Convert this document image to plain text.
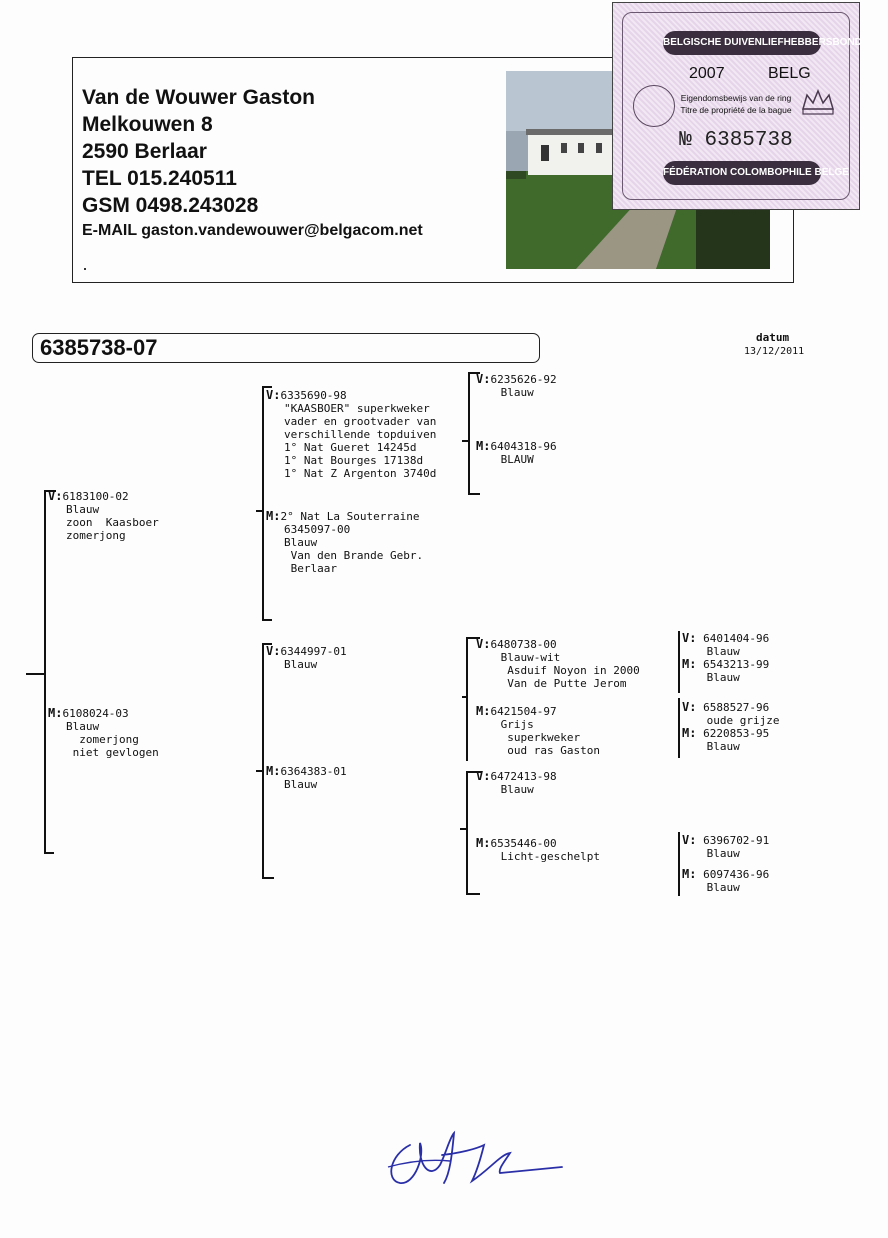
Van de Wouwer Gaston
Melkouwen 8
2590 Berlaar
TEL 015.240511
GSM 0498.243028
E-MAIL gaston.vandewouwer@belgacom.net
BELGISCHE DUIVENLIEFHEBBERSBOND
2007	BELG
Eigendomsbewijs van de ring
Titre de propriété de la bague
№ 6385738
FÉDÉRATION COLOMBOPHILE BELGE
6385738-07	datum
13/12/2011
V:6183100-02
Blauw
zoon  Kaasboer
zomerjong
M:6108024-03
Blauw
zomerjong
niet gevlogen
V:6335690-98
"KAASBOER" superkweker
vader en grootvader van
verschillende topduiven
1° Nat Gueret 14245d
1° Nat Bourges 17138d
1° Nat Z Argenton 3740d
M:2° Nat La Souterraine
6345097-00
Blauw
Van den Brande Gebr.
Berlaar
V:6344997-01
Blauw
M:6364383-01
Blauw
V:6235626-92
Blauw
M:6404318-96
BLAUW
V:6480738-00
Blauw-wit
Asduif Noyon in 2000
Van de Putte Jerom
M:6421504-97
Grijs
superkweker
oud ras Gaston
V:6472413-98
Blauw
M:6535446-00
Licht-geschelpt
V: 6401404-96
Blauw
M: 6543213-99
Blauw
V: 6588527-96
oude grijze
M: 6220853-95
Blauw
V: 6396702-91
Blauw
M: 6097436-96
Blauw
